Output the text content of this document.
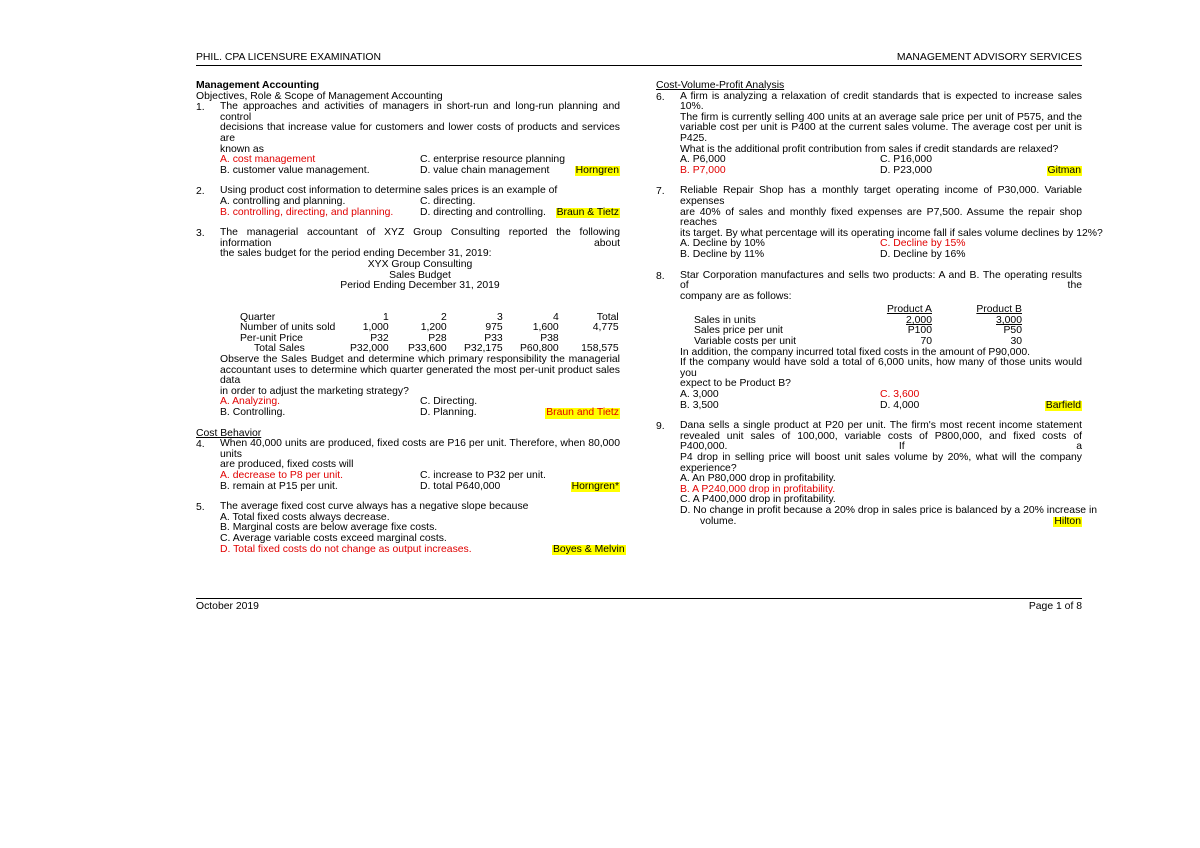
PHIL. CPA LICENSURE EXAMINATION	MANAGEMENT ADVISORY SERVICES
Management Accounting
Objectives, Role & Scope of Management Accounting
1.	The approaches and activities of managers in short-run and long-run planning and control
decisions that increase value for customers and lower costs of products and services are
known as
A. cost management	C. enterprise resource planning
B. customer value management.	D. value chain management	Horngren
2.	Using product cost information to determine sales prices is an example of
A. controlling and planning.	C. directing.
B. controlling, directing, and planning.	D. directing and controlling. Braun & Tietz
3.	The managerial accountant of XYZ Group Consulting reported the following information about
the sales budget for the period ending December 31, 2019:
XYX Group Consulting
Sales Budget
Period Ending December 31, 2019
Quarter	1	2	3	4	Total
Number of units sold	1,000	1,200	975	1,600	4,775
Per-unit Price	P32	P28	P33	P38	
Total Sales	P32,000	P33,600	P32,175	P60,800	158,575
Observe the Sales Budget and determine which primary responsibility the managerial
accountant uses to determine which quarter generated the most per-unit product sales data
in order to adjust the marketing strategy?
A. Analyzing.	C. Directing.
B. Controlling.	D. Planning.	Braun and Tietz
Cost Behavior
4.	When 40,000 units are produced, fixed costs are P16 per unit. Therefore, when 80,000 units
are produced, fixed costs will
A. decrease to P8 per unit.	C. increase to P32 per unit.
B. remain at P15 per unit.	D. total P640,000	Horngren*
5.	The average fixed cost curve always has a negative slope because
A. Total fixed costs always decrease.
B. Marginal costs are below average fixe costs.
C. Average variable costs exceed marginal costs.
D. Total fixed costs do not change as output increases.	Boyes & Melvin
Cost-Volume-Profit Analysis
6.	A firm is analyzing a relaxation of credit standards that is expected to increase sales 10%.
The firm is currently selling 400 units at an average sale price per unit of P575, and the
variable cost per unit is P400 at the current sales volume. The average cost per unit is P425.
What is the additional profit contribution from sales if credit standards are relaxed?
A. P6,000	C. P16,000
B. P7,000	D. P23,000	Gitman
7.	Reliable Repair Shop has a monthly target operating income of P30,000. Variable expenses
are 40% of sales and monthly fixed expenses are P7,500. Assume the repair shop reaches
its target. By what percentage will its operating income fall if sales volume declines by 12%?
A. Decline by 10%	C. Decline by 15%
B. Decline by 11%	D. Decline by 16%
8.	Star Corporation manufactures and sells two products: A and B. The operating results of the
company are as follows:
	Product A	Product B
Sales in units	2,000	3,000
Sales price per unit	P100	P50
Variable costs per unit	70	30
In addition, the company incurred total fixed costs in the amount of P90,000.
If the company would have sold a total of 6,000 units, how many of those units would you
expect to be Product B?
A. 3,000	C. 3,600
B. 3,500	D. 4,000	Barfield
9.	Dana sells a single product at P20 per unit. The firm's most recent income statement
revealed unit sales of 100,000, variable costs of P800,000, and fixed costs of P400,000. If a
P4 drop in selling price will boost unit sales volume by 20%, what will the company
experience?
A. An P80,000 drop in profitability.
B. A P240,000 drop in profitability.
C. A P400,000 drop in profitability.
D. No change in profit because a 20% drop in sales price is balanced by a 20% increase in
volume.	Hilton
October 2019	Page 1 of 8
